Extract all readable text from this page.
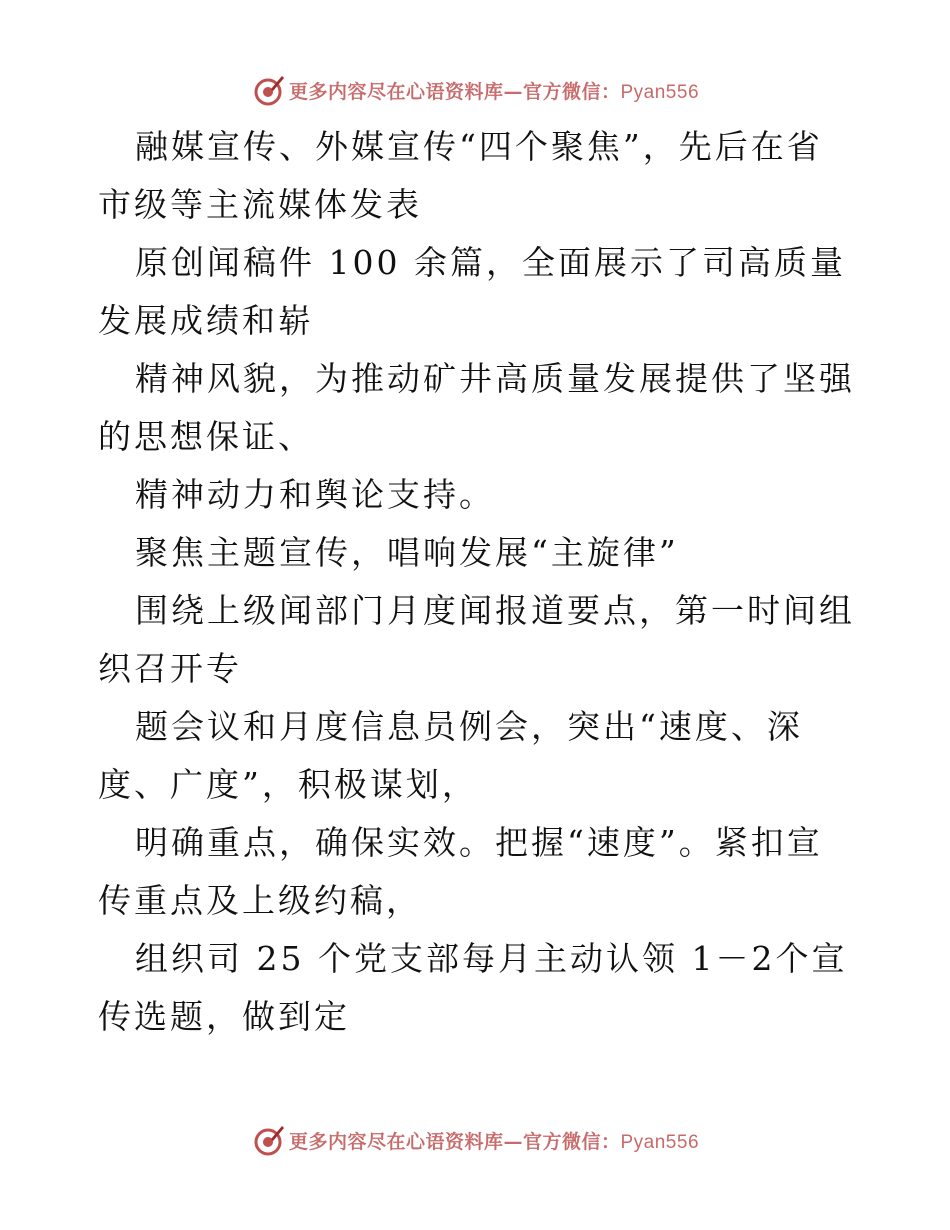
更多内容尽在心语资料库—官方微信：Pyan556

融媒宣传、外媒宣传“四个聚焦”，先后在省市级等主流媒体发表

原创闻稿件 100 余篇，全面展示了司高质量发展成绩和崭

精神风貌，为推动矿井高质量发展提供了坚强的思想保证、

精神动力和舆论支持。

聚焦主题宣传，唱响发展“主旋律”

围绕上级闻部门月度闻报道要点，第一时间组织召开专

题会议和月度信息员例会，突出“速度、深度、广度”，积极谋划，

明确重点，确保实效。把握“速度”。紧扣宣传重点及上级约稿，

组织司 25 个党支部每月主动认领 1－2个宣传选题，做到定

更多内容尽在心语资料库—官方微信：Pyan556
